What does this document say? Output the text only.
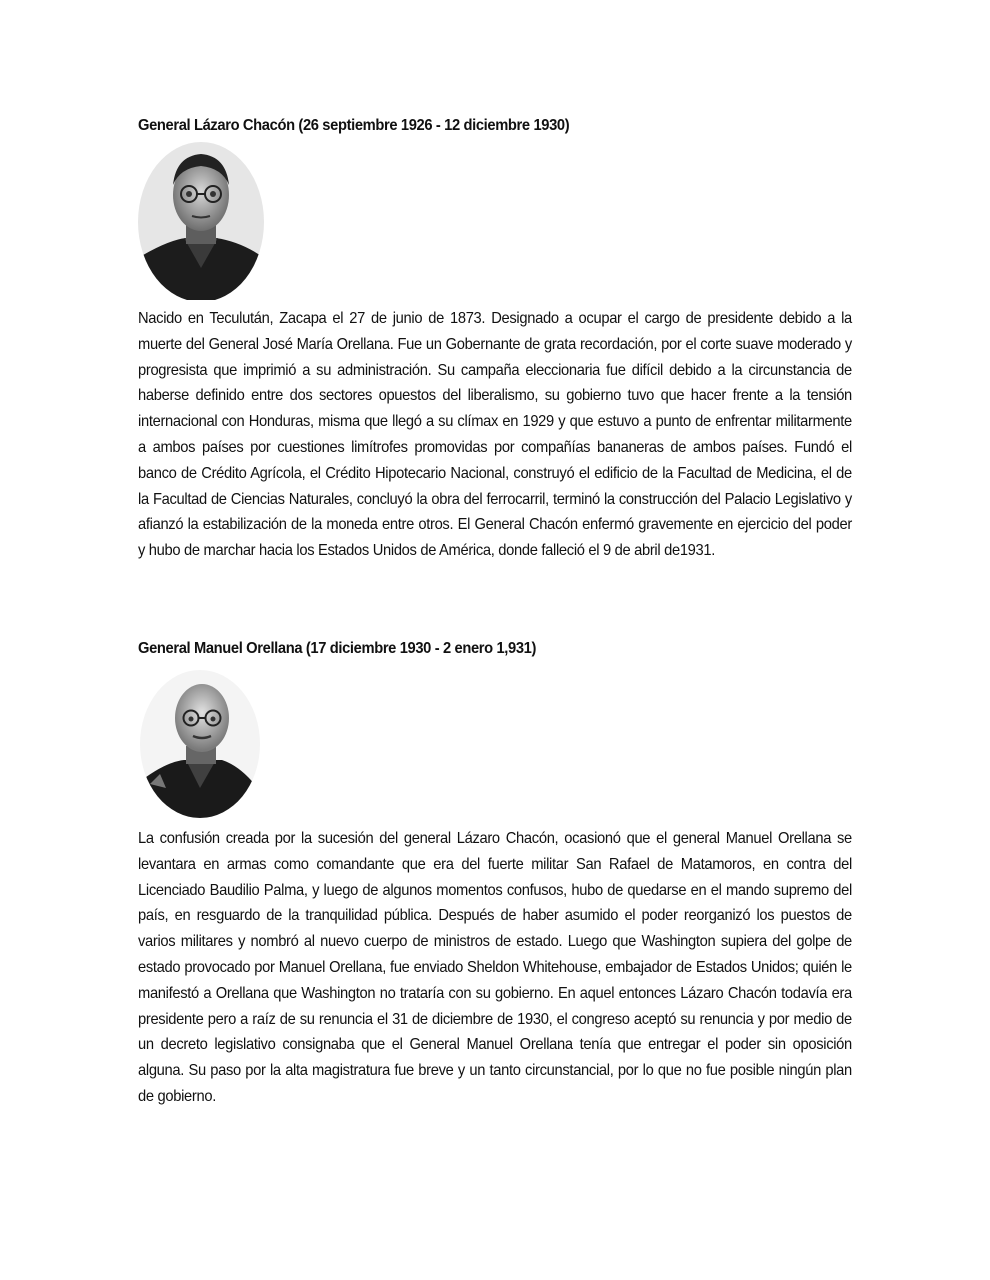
General Lázaro Chacón (26 septiembre 1926 - 12 diciembre 1930)

Nacido en Teculután, Zacapa el 27 de junio de 1873. Designado a ocupar el cargo de presidente debido a la muerte del General José María Orellana. Fue un Gobernante de grata recordación, por el corte suave moderado y progresista que imprimió a su administración. Su campaña eleccionaria fue difícil debido a la circunstancia de haberse definido entre dos sectores opuestos del liberalismo, su gobierno tuvo que hacer frente a la tensión internacional con Honduras, misma que llegó a su clímax en 1929 y que estuvo a punto de enfrentar militarmente a ambos países por cuestiones limítrofes promovidas por compañías bananeras de ambos países. Fundó el banco de Crédito Agrícola, el Crédito Hipotecario Nacional, construyó el edificio de la Facultad de Medicina, el de la Facultad de Ciencias Naturales, concluyó la obra del ferrocarril, terminó la construcción del Palacio Legislativo y afianzó la estabilización de la moneda entre otros. El General Chacón enfermó gravemente en ejercicio del poder y hubo de marchar hacia los Estados Unidos de América, donde falleció el 9 de abril de1931.

General Manuel Orellana (17 diciembre 1930 - 2 enero 1,931)

La confusión creada por la sucesión del general Lázaro Chacón, ocasionó que el general Manuel Orellana se levantara en armas como comandante que era del fuerte militar San Rafael de Matamoros, en contra del Licenciado Baudilio Palma, y luego de algunos momentos confusos, hubo de quedarse en el mando supremo del país, en resguardo de la tranquilidad pública. Después de haber asumido el poder reorganizó los puestos de varios militares y nombró al nuevo cuerpo de ministros de estado. Luego que Washington supiera del golpe de estado provocado por Manuel Orellana, fue enviado Sheldon Whitehouse, embajador de Estados Unidos; quién le manifestó a Orellana que Washington no trataría con su gobierno. En aquel entonces Lázaro Chacón todavía era presidente pero a raíz de su renuncia el 31 de diciembre de 1930, el congreso aceptó su renuncia y por medio de un decreto legislativo consignaba que el General Manuel Orellana tenía que entregar el poder sin oposición alguna. Su paso por la alta magistratura fue breve y un tanto circunstancial, por lo que no fue posible ningún plan de gobierno.
